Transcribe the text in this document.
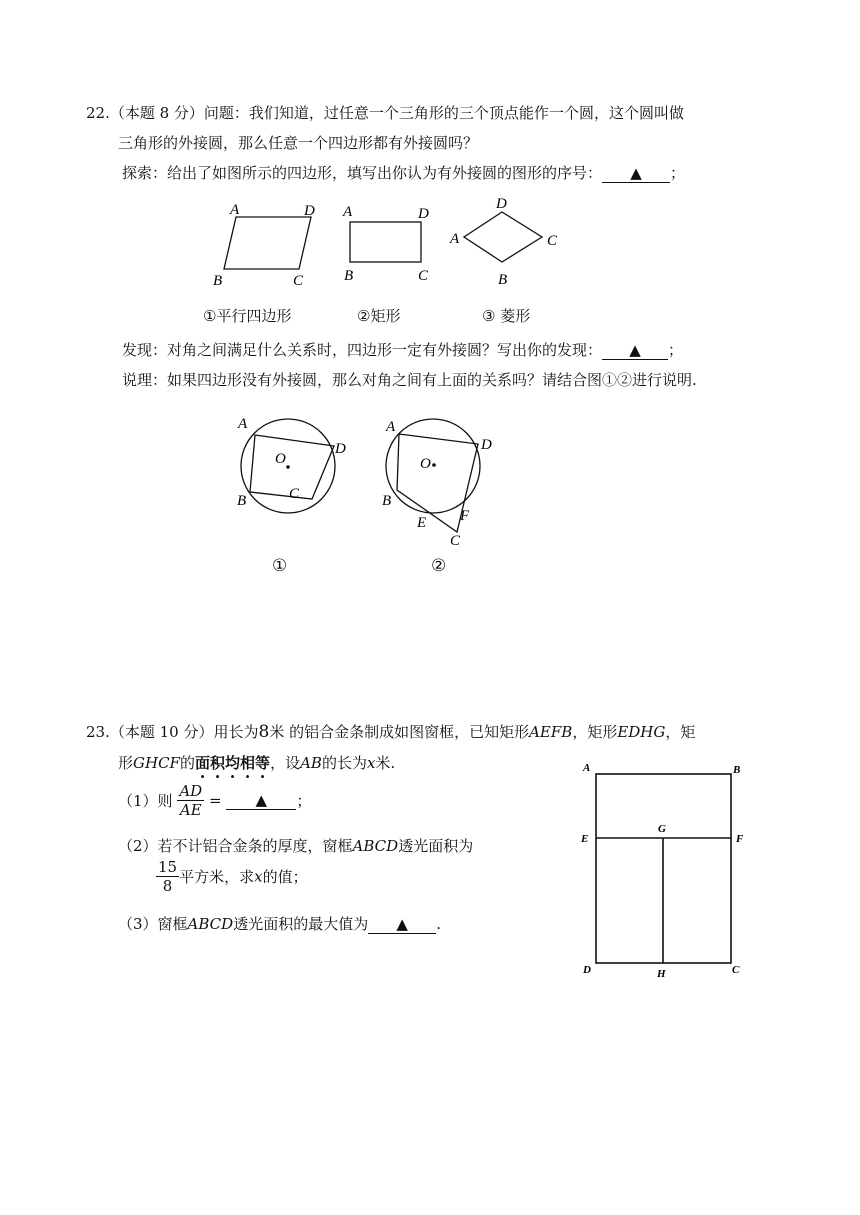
22.（本题 8 分）问题：我们知道，过任意一个三角形的三个顶点能作一个圆，这个圆叫做
三角形的外接圆，那么任意一个四边形都有外接圆吗？
探索：给出了如图所示的四边形，填写出你认为有外接圆的图形的序号： ▲ ；
A	D
B	C
A	D
B	C
D
A	C
B
①平行四边形	②矩形	③ 菱形
发现：对角之间满足什么关系时，四边形一定有外接圆？写出你的发现： ▲ ；
说理：如果四边形没有外接圆，那么对角之间有上面的关系吗？请结合图①②进行说明.
A
D
B	C
O
A
D
B
E F
C
O
①	②
23.（本题 10 分）用长为8米 的铝合金条制成如图窗框，已知矩形AEFB，矩形EDHG，矩
形GHCF的面积均相等，设AB的长为x米.
（1）则 $\frac{AD}{AE}$ = ▲ ；
（2）若不计铝合金条的厚度，窗框ABCD透光面积为
$\frac{15}{8}$ 平方米，求x的值；
（3）窗框ABCD透光面积的最大值为 ▲ .
A	B
E	F
G
D	H	C
